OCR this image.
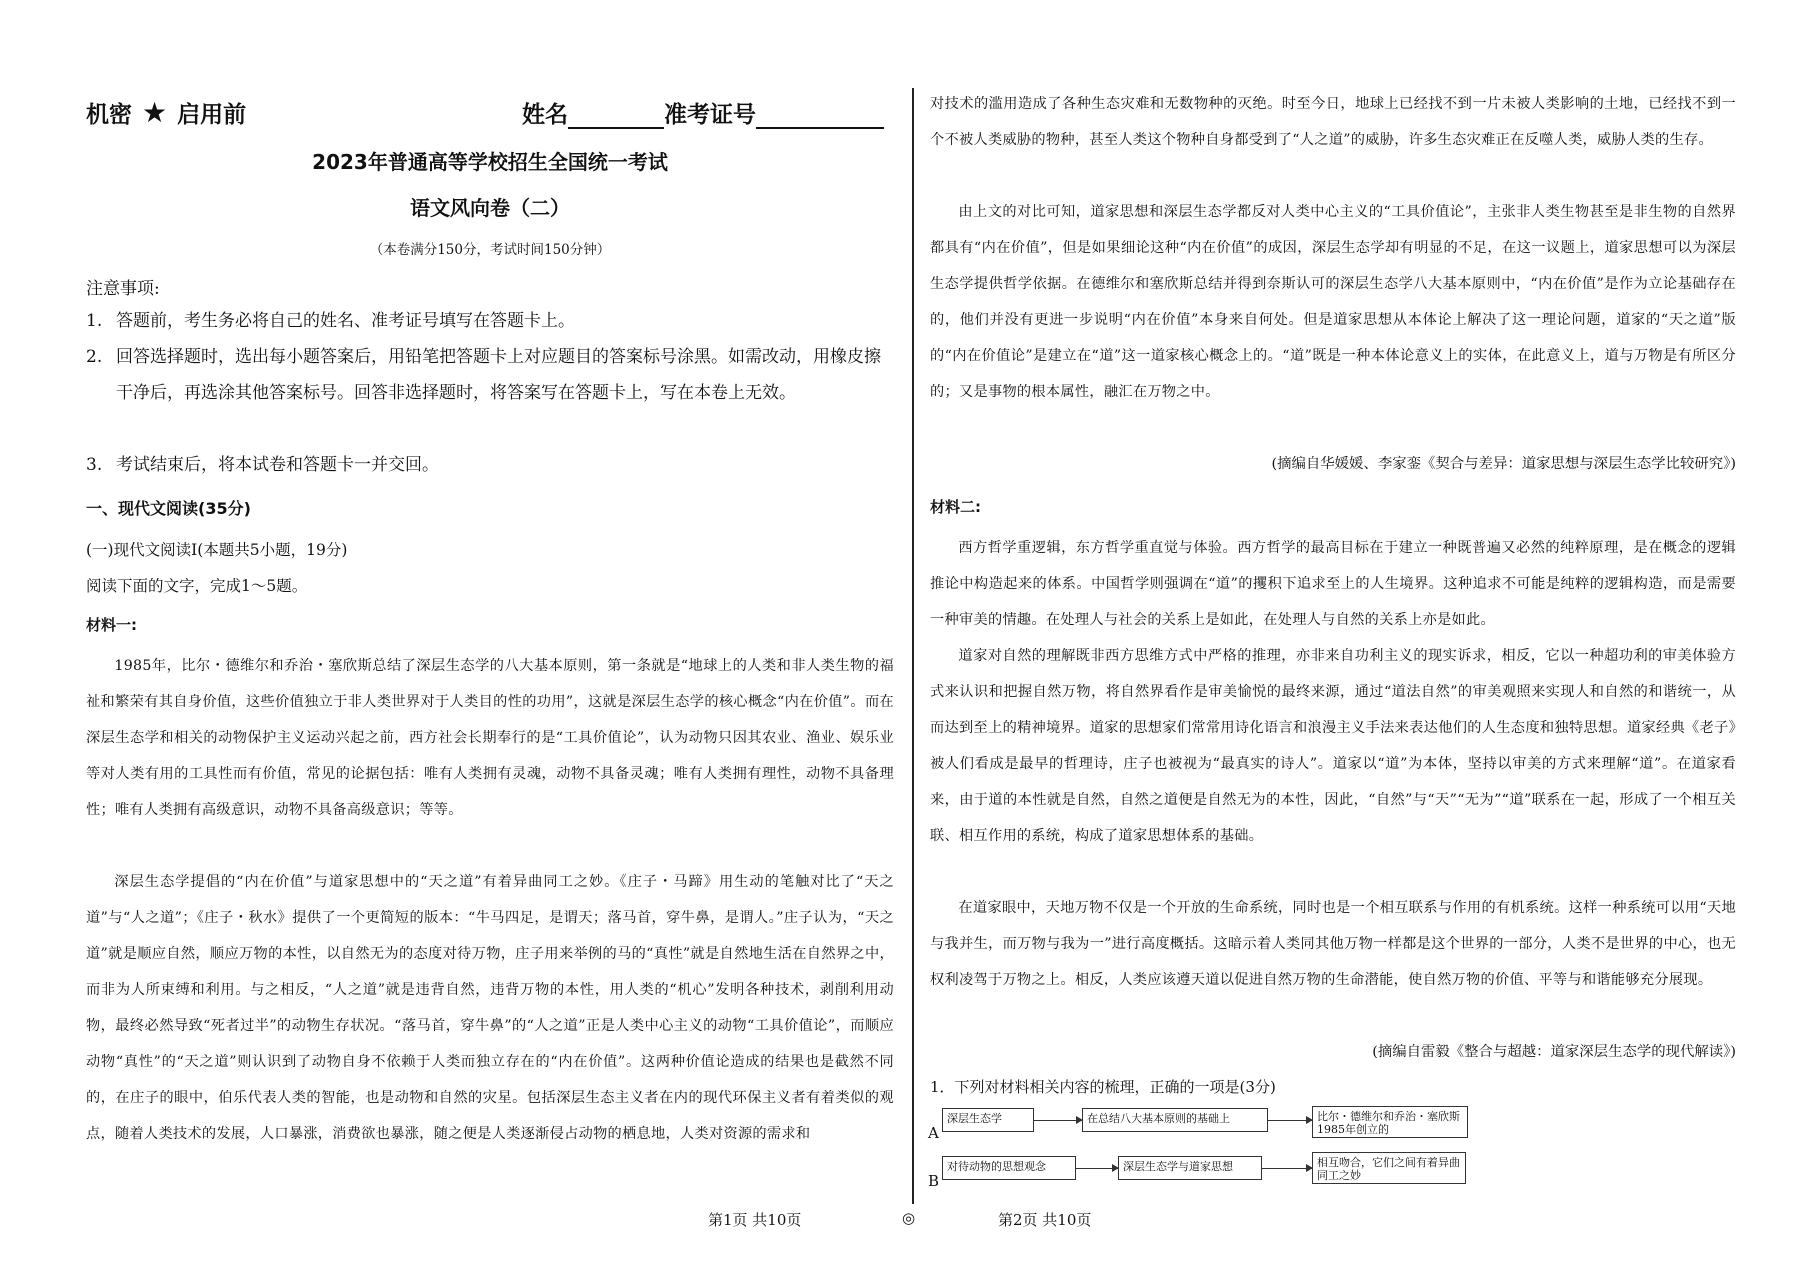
机密 ★ 启用前	姓名	准考证号
2023年普通高等学校招生全国统一考试
语文风向卷（二）
（本卷满分150分，考试时间150分钟）
注意事项:
1. 答题前，考生务必将自己的姓名、准考证号填写在答题卡上。
2. 回答选择题时，选出每小题答案后，用铅笔把答题卡上对应题目的答案标号涂黑。如需改动，用橡皮擦干净后，再选涂其他答案标号。回答非选择题时，将答案写在答题卡上，写在本卷上无效。
3. 考试结束后，将本试卷和答题卡一并交回。
一、现代文阅读(35分)
(一)现代文阅读Ⅰ(本题共5小题，19分)
阅读下面的文字，完成1～5题。
材料一:
1985年，比尔・德维尔和乔治・塞欣斯总结了深层生态学的八大基本原则，第一条就是“地球上的人类和非人类生物的福祉和繁荣有其自身价值，这些价值独立于非人类世界对于人类目的性的功用”，这就是深层生态学的核心概念“内在价值”。而在深层生态学和相关的动物保护主义运动兴起之前，西方社会长期奉行的是“工具价值论”，认为动物只因其农业、渔业、娱乐业等对人类有用的工具性而有价值，常见的论据包括：唯有人类拥有灵魂，动物不具备灵魂；唯有人类拥有理性，动物不具备理性；唯有人类拥有高级意识，动物不具备高级意识；等等。
深层生态学提倡的“内在价值”与道家思想中的“天之道”有着异曲同工之妙。《庄子・马蹄》用生动的笔触对比了“天之道”与“人之道”；《庄子・秋水》提供了一个更简短的版本：“牛马四足，是谓天；落马首，穿牛鼻，是谓人。”庄子认为，“天之道”就是顺应自然，顺应万物的本性，以自然无为的态度对待万物，庄子用来举例的马的“真性”就是自然地生活在自然界之中，而非为人所束缚和利用。与之相反，“人之道”就是违背自然，违背万物的本性，用人类的“机心”发明各种技术，剥削利用动物，最终必然导致“死者过半”的动物生存状况。“落马首，穿牛鼻”的“人之道”正是人类中心主义的动物“工具价值论”，而顺应动物“真性”的“天之道”则认识到了动物自身不依赖于人类而独立存在的“内在价值”。这两种价值论造成的结果也是截然不同的，在庄子的眼中，伯乐代表人类的智能，也是动物和自然的灾星。包括深层生态主义者在内的现代环保主义者有着类似的观点，随着人类技术的发展，人口暴涨，消费欲也暴涨，随之便是人类逐渐侵占动物的栖息地，人类对资源的需求和
对技术的滥用造成了各种生态灾难和无数物种的灭绝。时至今日，地球上已经找不到一片未被人类影响的土地，已经找不到一个不被人类威胁的物种，甚至人类这个物种自身都受到了“人之道”的威胁，许多生态灾难正在反噬人类，威胁人类的生存。
由上文的对比可知，道家思想和深层生态学都反对人类中心主义的“工具价值论”，主张非人类生物甚至是非生物的自然界都具有“内在价值”，但是如果细论这种“内在价值”的成因，深层生态学却有明显的不足，在这一议题上，道家思想可以为深层生态学提供哲学依据。在德维尔和塞欣斯总结并得到奈斯认可的深层生态学八大基本原则中，“内在价值”是作为立论基础存在的，他们并没有更进一步说明“内在价值”本身来自何处。但是道家思想从本体论上解决了这一理论问题，道家的“天之道”版的“内在价值论”是建立在“道”这一道家核心概念上的。“道”既是一种本体论意义上的实体，在此意义上，道与万物是有所区分的；又是事物的根本属性，融汇在万物之中。
(摘编自华媛媛、李家銮《契合与差异：道家思想与深层生态学比较研究》)
材料二:
西方哲学重逻辑，东方哲学重直觉与体验。西方哲学的最高目标在于建立一种既普遍又必然的纯粹原理，是在概念的逻辑推论中构造起来的体系。中国哲学则强调在“道”的攫积下追求至上的人生境界。这种追求不可能是纯粹的逻辑构造，而是需要一种审美的情趣。在处理人与社会的关系上是如此，在处理人与自然的关系上亦是如此。
道家对自然的理解既非西方思维方式中严格的推理，亦非来自功利主义的现实诉求，相反，它以一种超功利的审美体验方式来认识和把握自然万物，将自然界看作是审美愉悦的最终来源，通过“道法自然”的审美观照来实现人和自然的和谐统一，从而达到至上的精神境界。道家的思想家们常常用诗化语言和浪漫主义手法来表达他们的人生态度和独特思想。道家经典《老子》被人们看成是最早的哲理诗，庄子也被视为“最真实的诗人”。道家以“道”为本体，坚持以审美的方式来理解“道”。在道家看来，由于道的本性就是自然，自然之道便是自然无为的本性，因此，“自然”与“天”“无为”“道”联系在一起，形成了一个相互关联、相互作用的系统，构成了道家思想体系的基础。
在道家眼中，天地万物不仅是一个开放的生命系统，同时也是一个相互联系与作用的有机系统。这样一种系统可以用“天地与我并生，而万物与我为一”进行高度概括。这暗示着人类同其他万物一样都是这个世界的一部分，人类不是世界的中心，也无权利凌驾于万物之上。相反，人类应该遵天道以促进自然万物的生命潜能，使自然万物的价值、平等与和谐能够充分展现。
(摘编自雷毅《整合与超越：道家深层生态学的现代解读》)
1．下列对材料相关内容的梳理，正确的一项是(3分)
A
深层生态学	在总结八大基本原则的基础上	比尔・德维尔和乔治・塞欣斯1985年创立的
B
对待动物的思想观念	深层生态学与道家思想	相互吻合，它们之间有着异曲同工之妙
第1页 共10页	◎	第2页 共10页
